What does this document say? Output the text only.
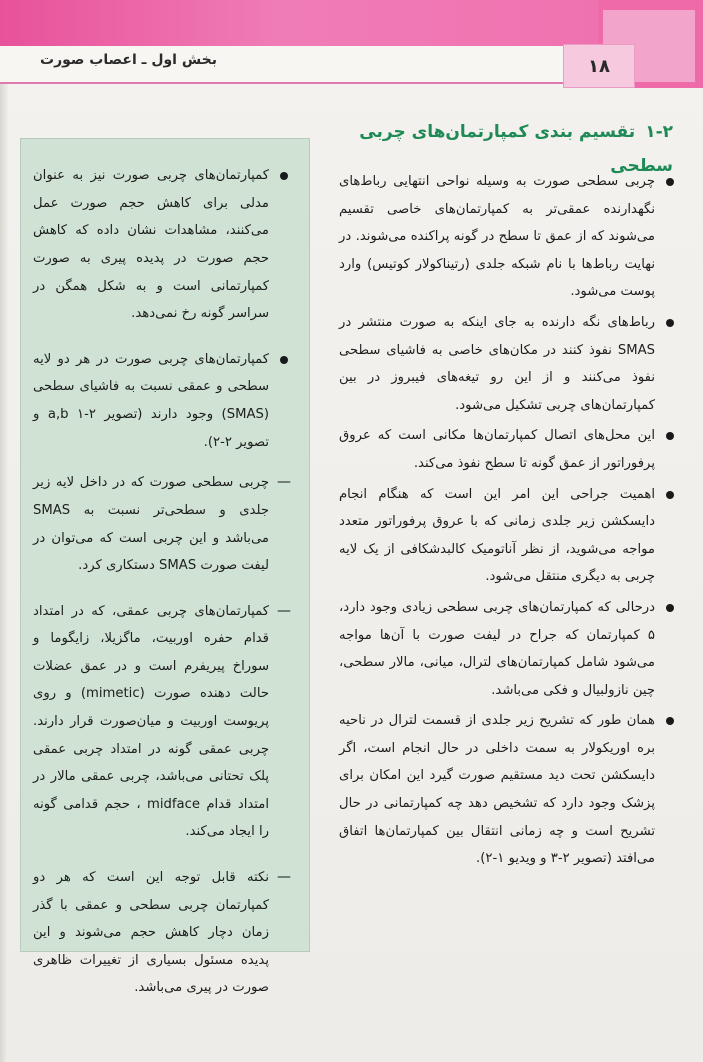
۱۸
بخش اول ـ اعصاب صورت
۱-۲تقسیم بندی کمپارتمان‌های چربی سطحی

چربی سطحی صورت به وسیله نواحی انتهایی رباط‌های نگهدارنده عمقی‌تر به کمپارتمان‌های خاصی تقسیم می‌شوند که از عمق تا سطح در گونه پراکنده می‌شوند. در نهایت رباط‌ها با نام شبکه جلدی (رتیناکولار کوتیس) وارد پوست می‌شود.

رباط‌های نگه دارنده به جای اینکه به صورت منتشر در SMAS نفوذ کنند در مکان‌های خاصی به فاشیای سطحی نفوذ می‌کنند و از این رو تیغه‌های فیبروز در بین کمپارتمان‌های چربی تشکیل می‌شود.

این محل‌های اتصال کمپارتمان‌ها مکانی است که عروق پرفوراتور از عمق گونه تا سطح نفوذ می‌کند.

اهمیت جراحی این امر این است که هنگام انجام دایسکشن زیر جلدی زمانی که با عروق پرفوراتور متعدد مواجه می‌شوید، از نظر آناتومیک کالبدشکافی از یک لایه چربی به دیگری منتقل می‌شود.

درحالی که کمپارتمان‌های چربی سطحی زیادی وجود دارد، ۵ کمپارتمان که جراح در لیفت صورت با آن‌ها مواجه می‌شود شامل کمپارتمان‌های لترال، میانی، مالار سطحی، چین نازولبیال و فکی می‌باشد.

همان طور که تشریح زیر جلدی از قسمت لترال در ناحیه بره اوریکولار به سمت داخلی در حال انجام است، اگر دایسکشن تحت دید مستقیم صورت گیرد این امکان برای پزشک وجود دارد که تشخیص دهد چه کمپارتمانی در حال تشریح است و چه زمانی انتقال بین کمپارتمان‌ها اتفاق می‌افتد (تصویر ۲-۳ و ویدیو ۱-۲).

کمپارتمان‌های چربی صورت نیز به عنوان مدلی برای کاهش حجم صورت عمل می‌کنند، مشاهدات نشان داده که کاهش حجم صورت در پدیده پیری به صورت کمپارتمانی است و به شکل همگن در سراسر گونه رخ نمی‌دهد.

کمپارتمان‌های چربی صورت در هر دو لایه سطحی و عمقی نسبت به فاشیای سطحی (SMAS) وجود دارند (تصویر a,b ۱-۲ و تصویر ۲-۲).

— چربی سطحی صورت که در داخل لایه زیر جلدی و سطحی‌تر نسبت به SMAS می‌باشد و این چربی است که می‌توان در لیفت صورت SMAS دستکاری کرد.

— کمپارتمان‌های چربی عمقی، که در امتداد قدام حفره اوربیت، ماگزیلا، زایگوما و سوراخ پیریفرم است و در عمق عضلات حالت دهنده صورت (mimetic) و روی پریوست اوربیت و میان‌صورت قرار دارند. چربی عمقی گونه در امتداد چربی عمقی پلک تحتانی می‌باشد، چربی عمقی مالار در امتداد قدام midface ، حجم قدامی گونه را ایجاد می‌کند.

— نکته قابل توجه این است که هر دو کمپارتمان چربی سطحی و عمقی با گذر زمان دچار کاهش حجم می‌شوند و این پدیده مسئول بسیاری از تغییرات ظاهری صورت در پیری می‌باشد.
